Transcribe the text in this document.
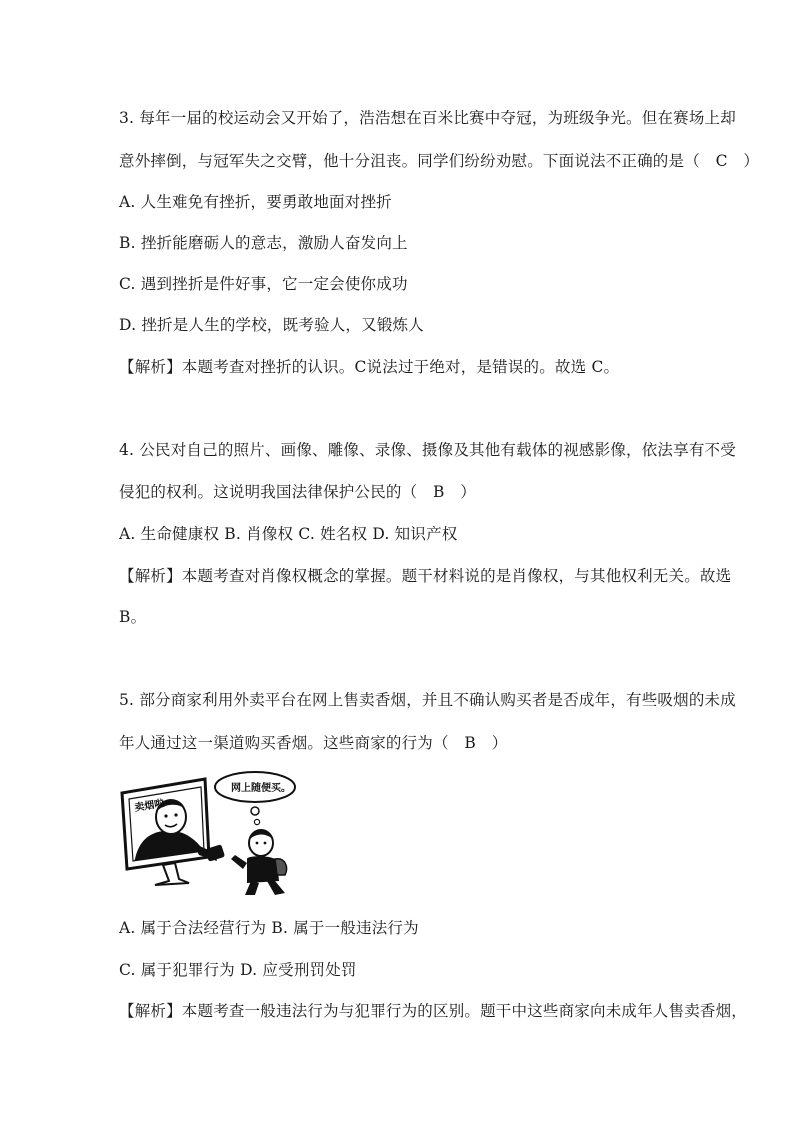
3. 每年一届的校运动会又开始了，浩浩想在百米比赛中夺冠，为班级争光。但在赛场上却
意外摔倒，与冠军失之交臂，他十分沮丧。同学们纷纷劝慰。下面说法不正确的是（　C　）
A. 人生难免有挫折，要勇敢地面对挫折
B. 挫折能磨砺人的意志，激励人奋发向上
C. 遇到挫折是件好事，它一定会使你成功
D. 挫折是人生的学校，既考验人，又锻炼人
【解析】本题考查对挫折的认识。C说法过于绝对，是错误的。故选 C。
4. 公民对自己的照片、画像、雕像、录像、摄像及其他有载体的视感影像，依法享有不受
侵犯的权利。这说明我国法律保护公民的（　B　）
A. 生命健康权 B. 肖像权 C. 姓名权 D. 知识产权
【解析】本题考查对肖像权概念的掌握。题干材料说的是肖像权，与其他权利无关。故选
B。
5. 部分商家利用外卖平台在网上售卖香烟，并且不确认购买者是否成年，有些吸烟的未成
年人通过这一渠道购买香烟。这些商家的行为（　B　）
卖烟啦
网上随便买。
A. 属于合法经营行为 B. 属于一般违法行为
C. 属于犯罪行为 D. 应受刑罚处罚
【解析】本题考查一般违法行为与犯罪行为的区别。题干中这些商家向未成年人售卖香烟，
